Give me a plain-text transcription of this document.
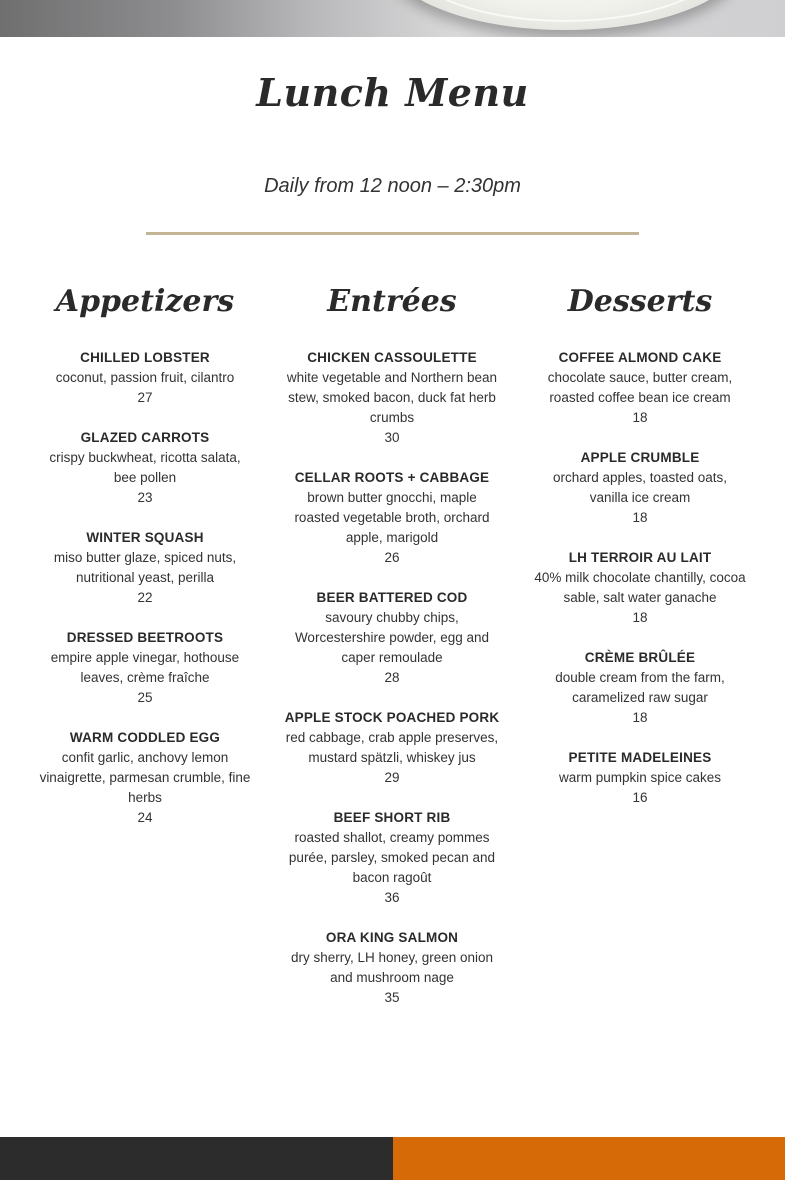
Lunch Menu
Daily from 12 noon – 2:30pm
Appetizers
CHILLED LOBSTER
coconut, passion fruit, cilantro
27
GLAZED CARROTS
crispy buckwheat, ricotta salata, bee pollen
23
WINTER SQUASH
miso butter glaze, spiced nuts, nutritional yeast, perilla
22
DRESSED BEETROOTS
empire apple vinegar, hothouse leaves, crème fraîche
25
WARM CODDLED EGG
confit garlic, anchovy lemon vinaigrette, parmesan crumble, fine herbs
24
Entrées
CHICKEN CASSOULETTE
white vegetable and Northern bean stew, smoked bacon, duck fat herb crumbs
30
CELLAR ROOTS + CABBAGE
brown butter gnocchi, maple roasted vegetable broth, orchard apple, marigold
26
BEER BATTERED COD
savoury chubby chips, Worcestershire powder, egg and caper remoulade
28
APPLE STOCK POACHED PORK
red cabbage, crab apple preserves, mustard spätzli, whiskey jus
29
BEEF SHORT RIB
roasted shallot, creamy pommes purée, parsley, smoked pecan and bacon ragoût
36
ORA KING SALMON
dry sherry, LH honey, green onion and mushroom nage
35
Desserts
COFFEE ALMOND CAKE
chocolate sauce, butter cream, roasted coffee bean ice cream
18
APPLE CRUMBLE
orchard apples, toasted oats, vanilla ice cream
18
LH TERROIR AU LAIT
40% milk chocolate chantilly, cocoa sable, salt water ganache
18
CRÈME BRÛLÉE
double cream from the farm, caramelized raw sugar
18
PETITE MADELEINES
warm pumpkin spice cakes
16
